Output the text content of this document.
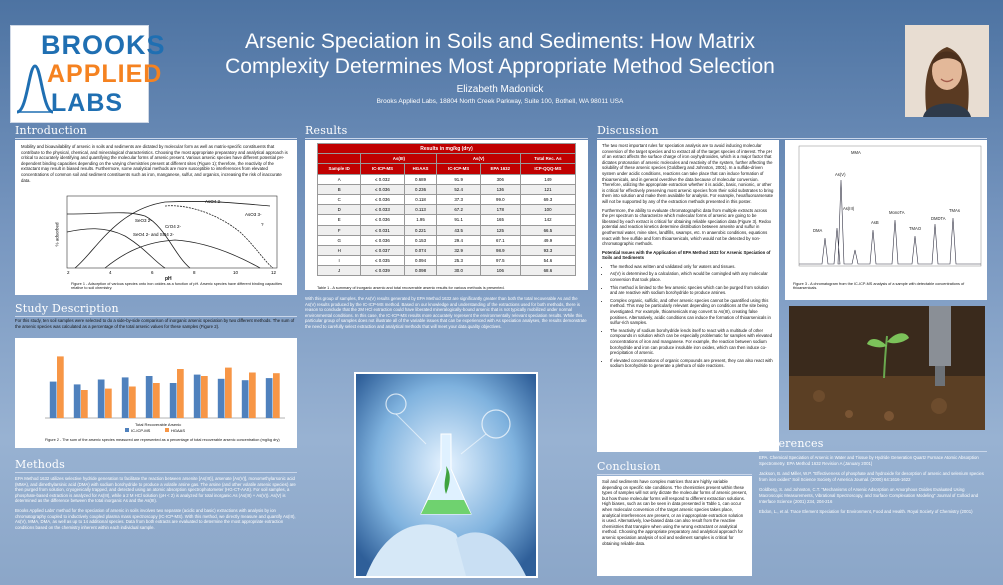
BROOKS
APPLIED
LABS
Arsenic Speciation in Soils and Sediments: How Matrix
Complexity Determines Most Appropriate Method Selection
Elizabeth Madonick
Brooks Applied Labs, 18804 North Creek Parkway, Suite 100, Bothell, WA 98011 USA
Introduction
Mobility and bioavailability of arsenic in soils and sediments are dictated by molecular form as well as matrix-specific constituents that contribute to the physical, chemical, and mineralogical characteristics. Choosing the most appropriate preparatory and analytical approach is critical to accurately identifying and quantifying the molecular forms of arsenic present. Various arsenic species have different potential pH-dependent binding capacities depending on the varying chemistries present at different sites (Figure 1); therefore, the reactivity of the extractant may result in biased results. Furthermore, some analytical methods are more susceptible to interferences from elevated concentrations of common soil and sediment constituents such as iron, manganese, sulfur, and organics, increasing the risk of inaccurate data.
% adsorbed
pH
2	4	6	8	10	12
SeO3 2-
AsO4 3-
AsO3 3-
SeO4 2- and SO4 2-
CrO4 2-	?
Figure 1 - Adsorption of various species onto iron oxides as a function of pH. Arsenic species have different binding capacities relative to soil chemistry.
Study Description
For this study, ten soil samples were selected to do a side-by-side comparison of inorganic arsenic speciation by two different methods. The sum of the arsenic species was calculated as a percentage of the total arsenic values for these samples (Figure 2).
IC-ICP-MS	HGAAS
Total Recoverable Arsenic
Figure 2 - The sum of the arsenic species measured are represented as a percentage of total recoverable arsenic concentration (mg/kg dry)
Methods

EPA Method 1632 utilizes selective hydride generation to facilitate the reaction between arsenite [As(III)], arsenate [As(V)], monomethylarsonic acid (MMA), and dimethylarsinic acid (DMA) with sodium borohydride to produce a volatile arsine gas. The arsine (and other volatile arsenic species) are then purged from solution, cryogenically trapped, and detected using an atomic absorption spectrophotometer (HG-CT-AAS). For soil samples, a phosphate-based extraction is analyzed for As(III), while a 2 M HCl solution (pH < 2) is analyzed for total inorganic As (As(III) + As(V)). As(V) is determined as the difference between the total inorganic As and the As(III).

Brooks Applied Labs' method for the speciation of arsenic in soils involves two separate (acidic and basic) extractions with analysis by ion chromatography coupled to inductively coupled plasma mass spectroscopy (IC-ICP-MS). With this method, we directly measure and quantify As(III), As(V), MMA, DMA, as well as up to 14 additional species. Data from both extracts are evaluated to determine the most appropriate extraction conditions based on the chemistry inherent within each individual sample.

Results
Results in mg/kg (dry)					
	As(III)		As(V)		Total Rec. As
Sample ID	IC-ICP-MS	HGAAS	IC-ICP-MS	EPA 1632	ICP-QQQ-MS
A	≤ 0.032	0.689	91.9	306	149
B	≤ 0.036	0.236	52.4	136	121
C	≤ 0.036	0.118	37.3	99.0	69.3
D	≤ 0.033	0.113	67.2	178	100
E	≤ 0.036	1.95	91.1	165	142
F	≤ 0.031	0.221	43.5	125	66.5
G	≤ 0.036	0.153	29.4	67.1	49.9
H	≤ 0.037	0.074	32.9	98.9	93.3
I	≤ 0.035	0.094	25.3	97.5	54.6
J	≤ 0.039	0.098	30.0	106	68.6
Table 1 - A summary of inorganic arsenic and total recoverable arsenic results for various methods is presented.
With this group of samples, the As(V) results generated by EPA Method 1632 are significantly greater than both the total recoverable As and the As(V) results produced by the IC-ICP-MS method. Based on our knowledge and understanding of the extractions used for both methods, there is reason to conclude that the 2M HCl extraction could have liberated mineralogically-bound arsenic that is not typically mobilized under normal environmental conditions. In this case, the IC-ICP-MS results more accurately represent the environmentally relevant speciation results. While this particular group of samples does not illustrate all of the variable issues that can be experienced with As speciation analyses, the results demonstrate the need to carefully select extraction and analytical methods that will meet your data quality objectives.
Discussion

The two most important rules for speciation analysis are to avoid inducing molecular conversion of the target species and to extract all of the target species of interest. The pH of an extract affects the surface charge of iron oxyhydroxides, which is a major factor that dictates protonation of arsenic molecules and reactivity of the system, further affecting the solubility of these arsenic species (Goldberg and Johnston, 2001). In a sulfide-driven system under acidic conditions, reactions can take place that can induce formation of thioarsenicals, and in general overdrive the data because of molecular conversion. Therefore, utilizing the appropriate extraction whether it is acidic, basic, nonionic, or other is critical for effectively preserving most arsenic species from their solid substrates to bring them into solution and make them available for analysis. For example, hexafluoroarsenate will not be supported by any of the extraction methods presented in this poster.

Furthermore, the ability to evaluate chromatographic data from multiple extracts across the pH spectrum to characterize which molecular forms of arsenic are going to be liberated by each extract is critical for obtaining reliable speciation data (Figure 3). Redox potential and reaction kinetics determine distribution between arsenite and sulfur in geothermal water, mine sites, landfills, swamps, etc. In anaerobic conditions, equations react with free sulfide and form thioarsenicals, which would not be detected by non-chromatographic methods.

Potential Issues with the Application of EPA Method 1632 for Arsenic Speciation of Soils and Sediments

• The method was written and validated only for waters and tissues.
• As(V) is determined by a calculation, which would be comingled with any molecular conversion that took place.
• This method is limited to the few arsenic species which can be purged from solution and are reactive with sodium borohydride to produce arsines.
• Complex organic, sulfidic, and other arsenic species cannot be quantified using this method. This may be particularly relevant depending on conditions at the site being investigated. For example, thioarsenicals may convert to As(III), creating false positives. Alternatively, acidic conditions can induce the formation of thioarsenicals in sulfur-rich samples.
• The reactivity of sodium borohydride lends itself to react with a multitude of other compounds in solution which can be especially problematic for samples with elevated concentrations of iron and manganese. For example, the reaction between sodium borohydride and iron can produce insoluble iron oxides, which can then induce co-precipitation of arsenic.
• If elevated concentrations of organic compounds are present, they can also react with sodium borohydride to generate a plethora of side reactions.
MMA
As(V)
As(III)
DMA
AsB
MonoTA
TMAO
DMDTA
TMAs
Figure 3 - A chromatogram from the IC-ICP-MS analysis of a sample with detectable concentrations of thioarsenicals.
References

EPA. Chemical Speciation of Arsenic in Water and Tissue by Hydride Generation Quartz Furnace Atomic Absorption Spectrometry. EPA Method 1632 Revision A (January 2001)

Jackson, B. and Miller, W.P. "Effectiveness of phosphate and hydroxide for desorption of arsenic and selenium species from iron oxides" Soil Science Society of America Journal. (2000) 64:1616-1622

Goldberg, S. and Johnston, C.T. "Mechanisms of Arsenic Adsorption on Amorphous Oxides Evaluated Using Macroscopic Measurements, Vibrational Spectroscopy, and Surface Complexation Modeling" Journal of Colloid and Interface Science (2001) 234, 204-216

Ebdon, L., et al. Trace Element Speciation for Environment, Food and Health. Royal Society of Chemistry (2001)

Conclusion
Soil and sediments have complex matrices that are highly variable depending on specific site conditions. The chemistries present within these types of samples will not only dictate the molecular forms of arsenic present, but how those molecular forms will respond to different extraction solutions. High biases, such as can be seen in data presented in Table 1, can occur when molecular conversion of the target arsenic species takes place, analytical interferences are present, or an inappropriate extraction solution is used. Alternatively, low-biased data can also result from the reactive chemistries that transpire when using the wrong extractant or analytical method. Choosing the appropriate preparatory and analytical approach for arsenic speciation analysis of soil and sediment samples is critical for obtaining reliable data.
